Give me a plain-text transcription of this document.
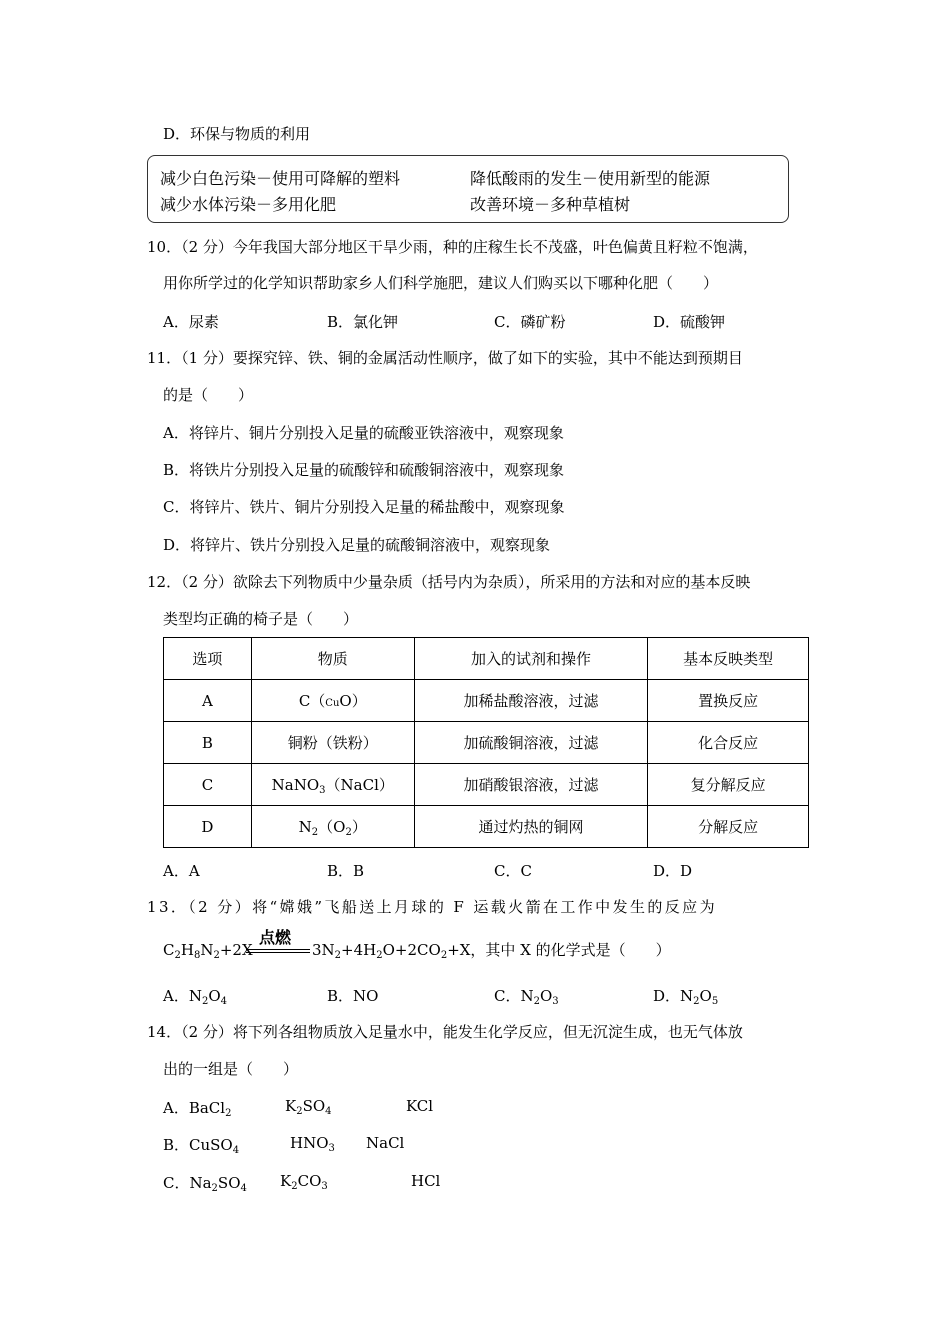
D．环保与物质的利用
减少白色污染－使用可降解的塑料	降低酸雨的发生－使用新型的能源
减少水体污染－多用化肥	改善环境－多种草植树
10．（2 分）今年我国大部分地区干旱少雨，种的庄稼生长不茂盛，叶色偏黄且籽粒不饱满，
用你所学过的化学知识帮助家乡人们科学施肥，建议人们购买以下哪种化肥（　　）
A．尿素	B．氯化钾	C．磷矿粉	D．硫酸钾
11．（1 分）要探究锌、铁、铜的金属活动性顺序，做了如下的实验，其中不能达到预期目
的是（　　）
A．将锌片、铜片分别投入足量的硫酸亚铁溶液中，观察现象
B．将铁片分别投入足量的硫酸锌和硫酸铜溶液中，观察现象
C．将锌片、铁片、铜片分别投入足量的稀盐酸中，观察现象
D．将锌片、铁片分别投入足量的硫酸铜溶液中，观察现象
12．（2 分）欲除去下列物质中少量杂质（括号内为杂质），所采用的方法和对应的基本反映
类型均正确的椅子是（　　）
选项	物质	加入的试剂和操作	基本反映类型
A	C（CuO）	加稀盐酸溶液，过滤	置换反应
B	铜粉（铁粉）	加硫酸铜溶液，过滤	化合反应
C	NaNO$_3$（NaCl）	加硝酸银溶液，过滤	复分解反应
D	$N_2(O_2)$	通过灼热的铜网	分解反应
A．A	B．B	C．C	D．D
13．（2 分）将“嫦娥”飞船送上月球的 F 运载火箭在工作中发生的反应为
$C_2H_8N_2+2X$
点燃
$3N_2+4H_2O+2CO_2+X$，其中 X 的化学式是（　　）
A．$N_2O_4$	B．NO	C．$N_2O_3$	D．$N_2O_5$
14．（2 分）将下列各组物质放入足量水中，能发生化学反应，但无沉淀生成，也无气体放
出的一组是（　　）
A．BaCl$_2$	$K_2SO_4$	KCl
B．CuSO$_4$	$HNO_3$ NaCl
C．$Na_2SO_4$ $K_2CO_3$	HCl
